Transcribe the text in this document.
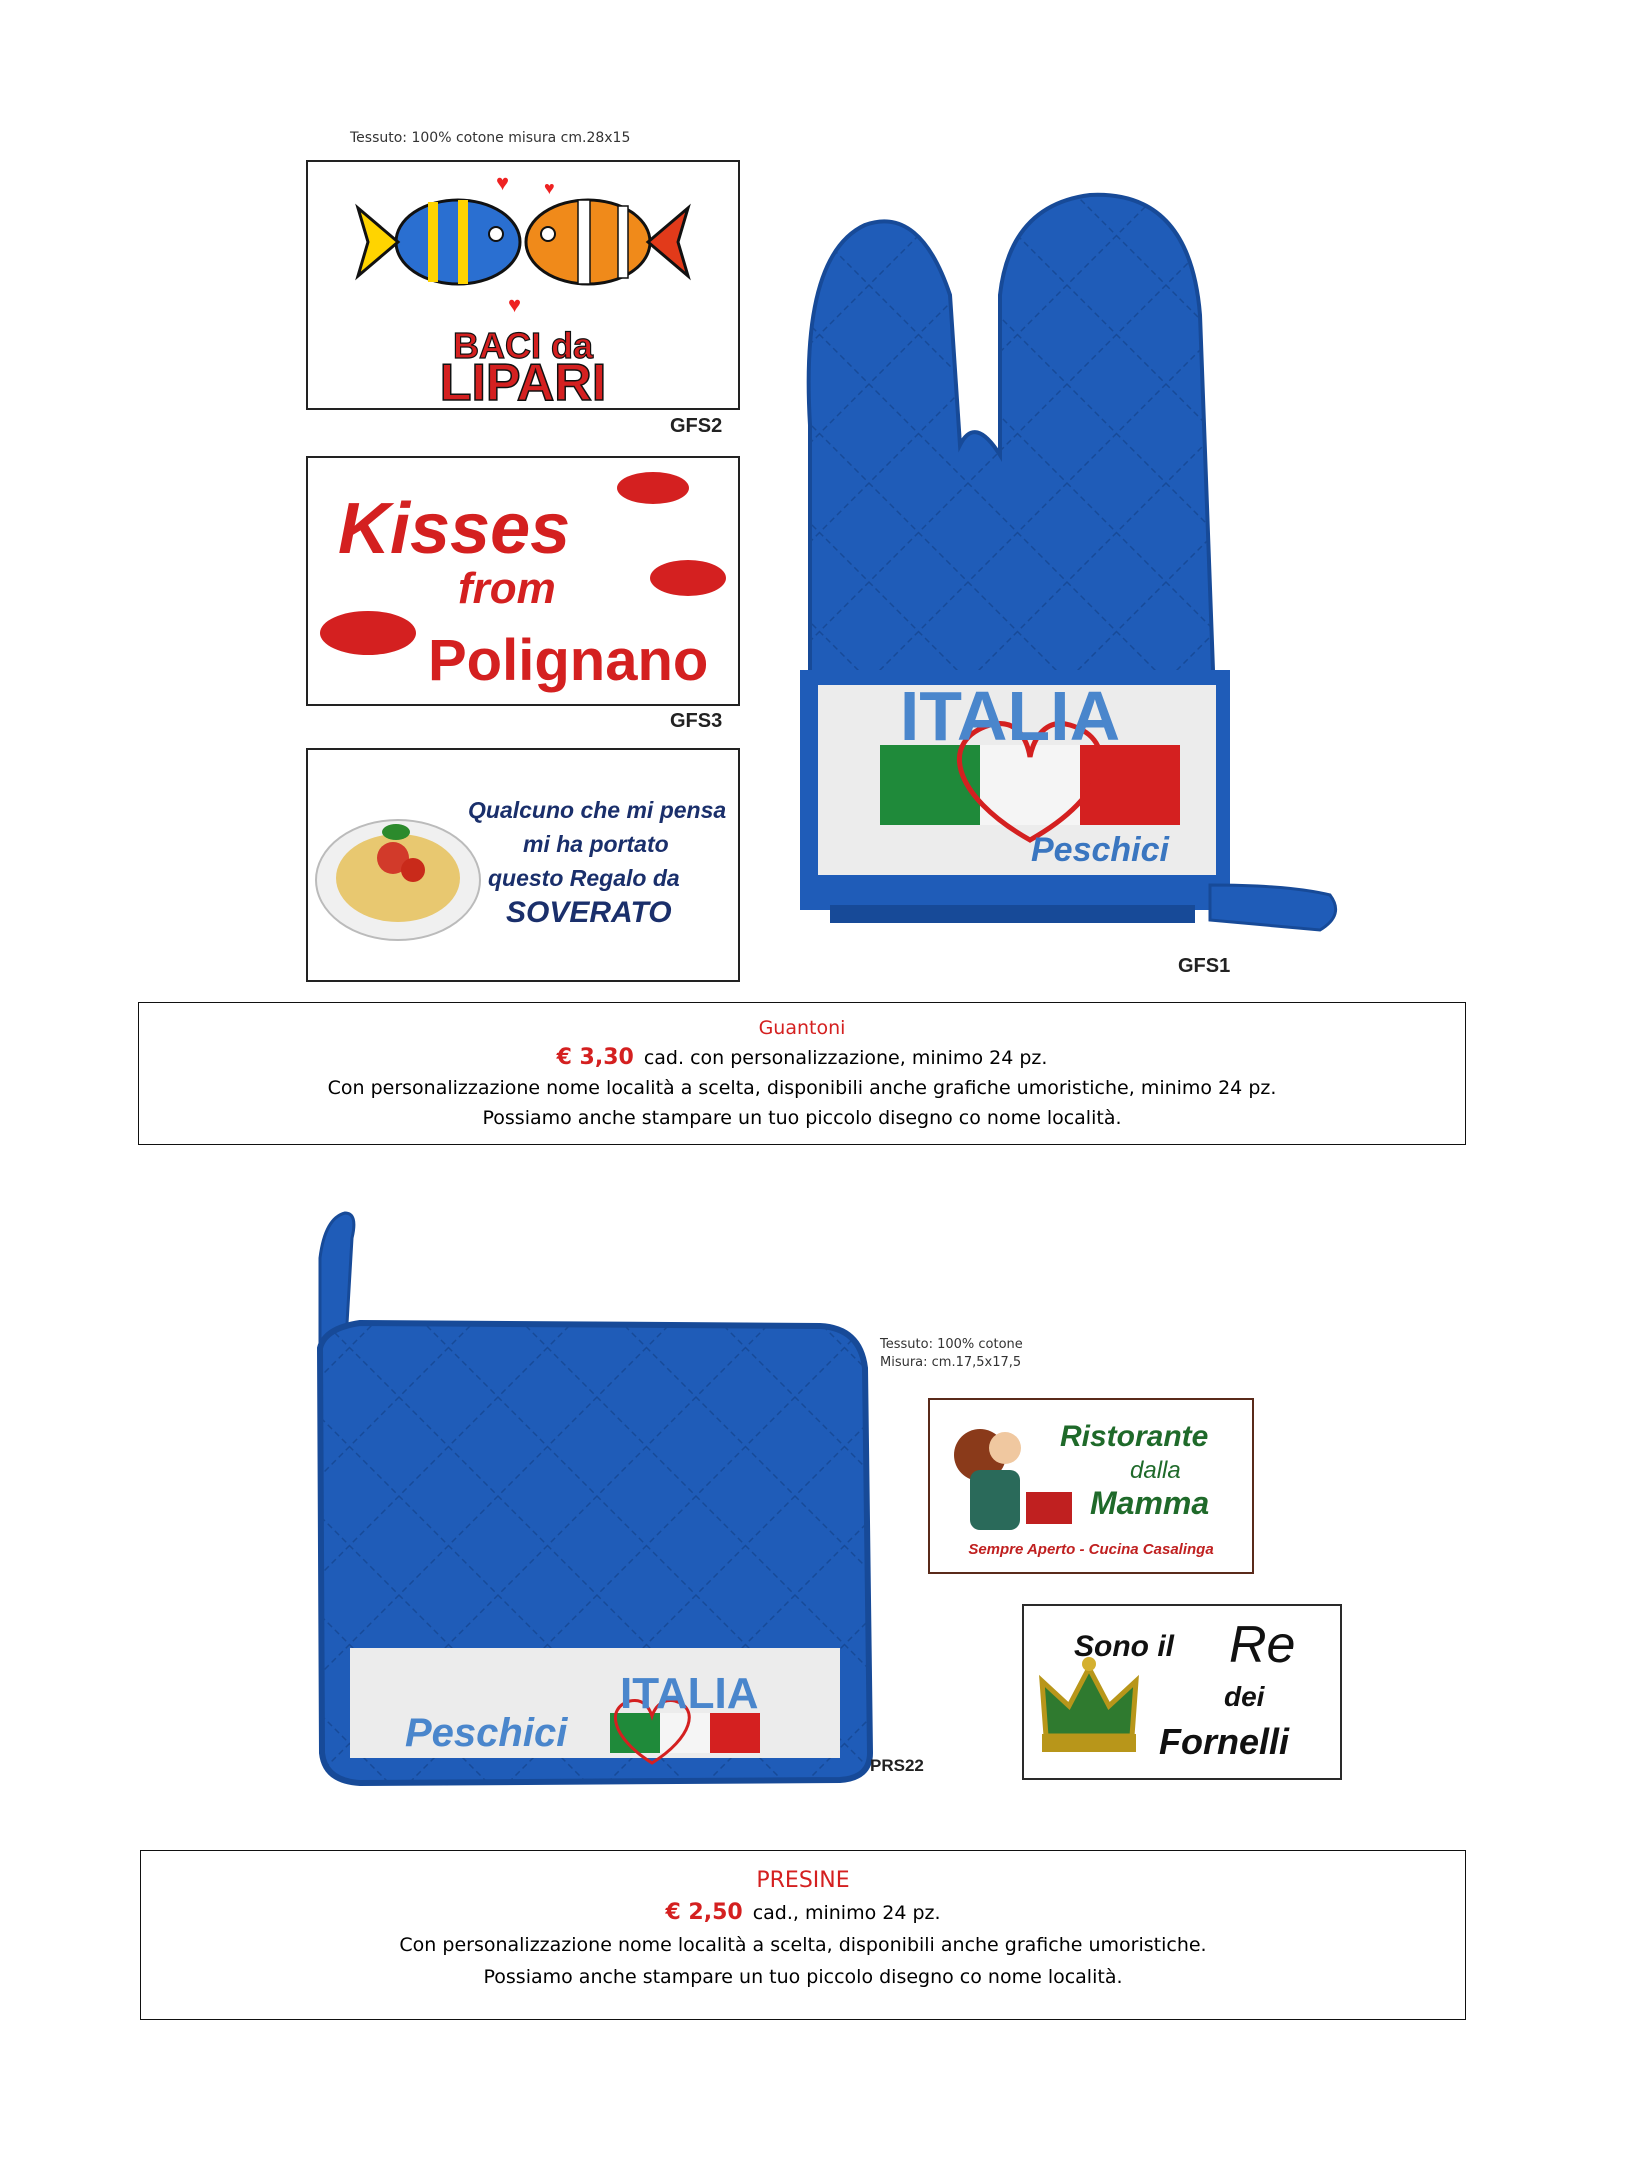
Tessuto: 100% cotone misura cm.28x15
♥ ♥
♥
BACI da
LIPARI
GFS2
Kisses
from
Polignano
GFS3
Qualcuno che mi pensa
mi ha portato
questo Regalo da
SOVERATO
ITALIA
Peschici
GFS1
Guantoni
€ 3,30 cad. con personalizzazione, minimo 24 pz.
Con personalizzazione nome località a scelta, disponibili anche grafiche umoristiche, minimo 24 pz.
Possiamo anche stampare un tuo piccolo disegno co nome località.
Peschici
ITALIA
PRS22
Tessuto: 100% cotone
Misura: cm.17,5x17,5
Ristorante
dalla
Mamma
Sempre Aperto - Cucina Casalinga
Sono il Re
dei
Fornelli
PRESINE
€ 2,50 cad., minimo 24 pz.
Con personalizzazione nome località a scelta, disponibili anche grafiche umoristiche.
Possiamo anche stampare un tuo piccolo disegno co nome località.
